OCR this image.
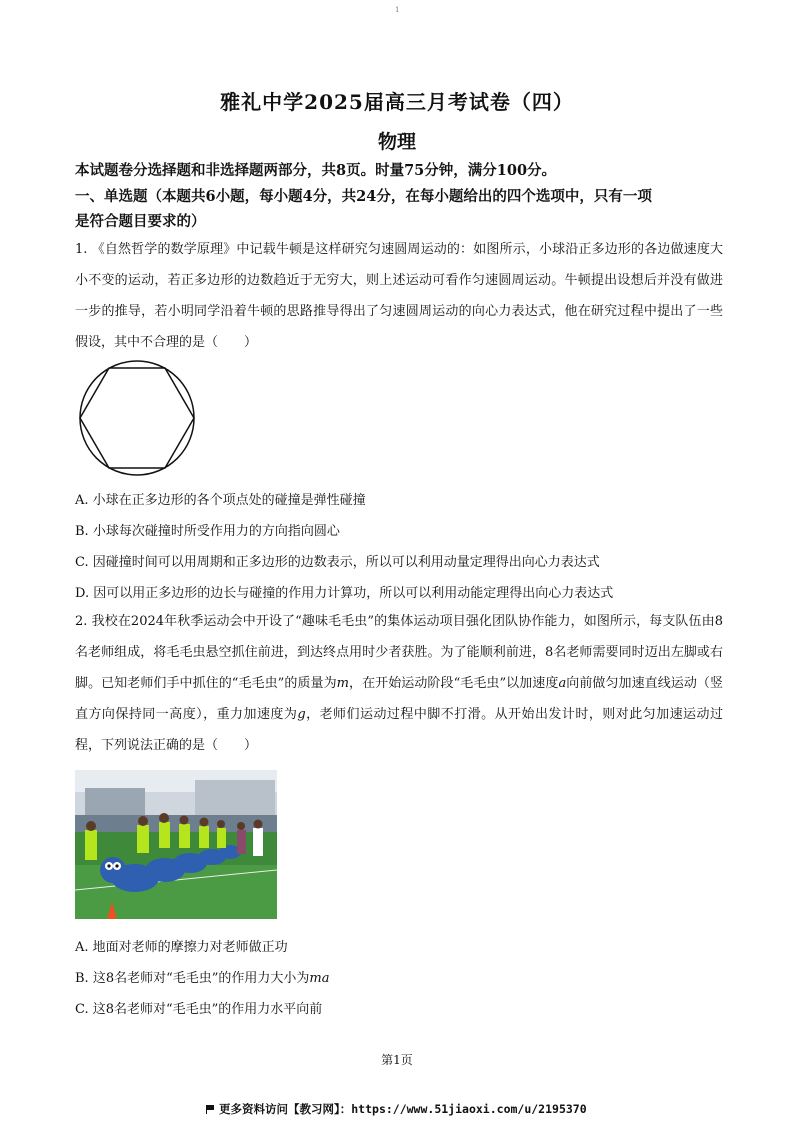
1
雅礼中学2025届高三月考试卷（四）
物理
本试题卷分选择题和非选择题两部分，共8页。时量75分钟，满分100分。
一、单选题（本题共6小题，每小题4分，共24分，在每小题给出的四个选项中，只有一项
是符合题目要求的）
1. 《自然哲学的数学原理》中记载牛顿是这样研究匀速圆周运动的：如图所示，小球沿正多边形的各边做速度大小不变的运动，若正多边形的边数趋近于无穷大，则上述运动可看作匀速圆周运动。牛顿提出设想后并没有做进一步的推导，若小明同学沿着牛顿的思路推导得出了匀速圆周运动的向心力表达式，他在研究过程中提出了一些假设，其中不合理的是（　　）
A. 小球在正多边形的各个项点处的碰撞是弹性碰撞
B. 小球每次碰撞时所受作用力的方向指向圆心
C. 因碰撞时间可以用周期和正多边形的边数表示，所以可以利用动量定理得出向心力表达式
D. 因可以用正多边形的边长与碰撞的作用力计算功，所以可以利用动能定理得出向心力表达式
2. 我校在2024年秋季运动会中开设了“趣味毛毛虫”的集体运动项目强化团队协作能力，如图所示，每支队伍由8名老师组成，将毛毛虫悬空抓住前进，到达终点用时少者获胜。为了能顺利前进，8名老师需要同时迈出左脚或右脚。已知老师们手中抓住的“毛毛虫”的质量为m，在开始运动阶段“毛毛虫”以加速度a向前做匀加速直线运动（竖直方向保持同一高度），重力加速度为g，老师们运动过程中脚不打滑。从开始出发计时，则对此匀加速运动过程，下列说法正确的是（　　）
A. 地面对老师的摩擦力对老师做正功
B. 这8名老师对“毛毛虫”的作用力大小为ma
C. 这8名老师对“毛毛虫”的作用力水平向前
第1页
更多资料访问【教习网】：https://www.51jiaoxi.com/u/2195370
